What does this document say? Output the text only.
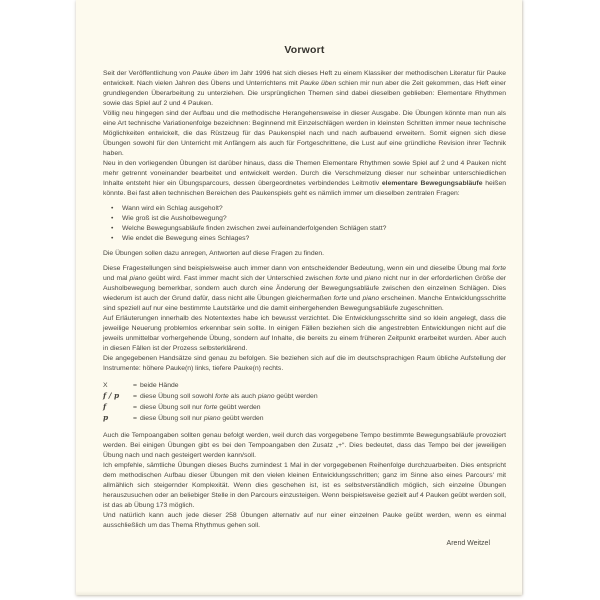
Vorwort

Seit der Veröffentlichung von Pauke üben im Jahr 1996 hat sich dieses Heft zu einem Klassiker der methodischen Literatur für Pauke entwickelt. Nach vielen Jahren des Übens und Unterrichtens mit Pauke üben schien mir nun aber die Zeit gekommen, das Heft einer grundlegenden Überarbeitung zu unterziehen. Die ursprünglichen Themen sind dabei dieselben geblieben: Elementare Rhythmen sowie das Spiel auf 2 und 4 Pauken.

Völlig neu hingegen sind der Aufbau und die methodische Herangehensweise in dieser Ausgabe. Die Übungen könnte man nun als eine Art technische Variationenfolge bezeichnen: Beginnend mit Einzelschlägen werden in kleinsten Schritten immer neue technische Möglichkeiten entwickelt, die das Rüstzeug für das Paukenspiel nach und nach aufbauend erweitern. Somit eignen sich diese Übungen sowohl für den Unterricht mit Anfängern als auch für Fortgeschrittene, die Lust auf eine gründliche Revision ihrer Technik haben.

Neu in den vorliegenden Übungen ist darüber hinaus, dass die Themen Elementare Rhythmen sowie Spiel auf 2 und 4 Pauken nicht mehr getrennt voneinander bearbeitet und entwickelt werden. Durch die Verschmelzung dieser nur scheinbar unterschiedlichen Inhalte entsteht hier ein Übungsparcours, dessen übergeordnetes verbindendes Leitmotiv elementare Bewegungsabläufe heißen könnte. Bei fast allen technischen Bereichen des Paukenspiels geht es nämlich immer um dieselben zentralen Fragen:

• Wann wird ein Schlag ausgeholt?
• Wie groß ist die Ausholbewegung?
• Welche Bewegungsabläufe finden zwischen zwei aufeinanderfolgenden Schlägen statt?
• Wie endet die Bewegung eines Schlages?

Die Übungen sollen dazu anregen, Antworten auf diese Fragen zu finden.

Diese Fragestellungen sind beispielsweise auch immer dann von entscheidender Bedeutung, wenn ein und dieselbe Übung mal forte und mal piano geübt wird. Fast immer macht sich der Unterschied zwischen forte und piano nicht nur in der erforderlichen Größe der Ausholbewegung bemerkbar, sondern auch durch eine Änderung der Bewegungsabläufe zwischen den einzelnen Schlägen. Dies wiederum ist auch der Grund dafür, dass nicht alle Übungen gleichermaßen forte und piano erscheinen. Manche Entwicklungsschritte sind speziell auf nur eine bestimmte Lautstärke und die damit einhergehenden Bewegungsabläufe zugeschnitten.

Auf Erläuterungen innerhalb des Notentextes habe ich bewusst verzichtet. Die Entwicklungsschritte sind so klein angelegt, dass die jeweilige Neuerung problemlos erkennbar sein sollte. In einigen Fällen beziehen sich die angestrebten Entwicklungen nicht auf die jeweils unmittelbar vorhergehende Übung, sondern auf Inhalte, die bereits zu einem früheren Zeitpunkt erarbeitet wurden. Aber auch in diesen Fällen ist der Prozess selbsterklärend.

Die angegebenen Handsätze sind genau zu befolgen. Sie beziehen sich auf die im deutschsprachigen Raum übliche Aufstellung der Instrumente: höhere Pauke(n) links, tiefere Pauke(n) rechts.

X	= beide Hände
f / p	= diese Übung soll sowohl forte als auch piano geübt werden
f	= diese Übung soll nur forte geübt werden
p	= diese Übung soll nur piano geübt werden

Auch die Tempoangaben sollten genau befolgt werden, weil durch das vorgegebene Tempo bestimmte Bewegungsabläufe provoziert werden. Bei einigen Übungen gibt es bei den Tempoangaben den Zusatz „+“. Dies bedeutet, dass das Tempo bei der jeweiligen Übung nach und nach gesteigert werden kann/soll.

Ich empfehle, sämtliche Übungen dieses Buchs zumindest 1 Mal in der vorgegebenen Reihenfolge durchzuarbeiten. Dies entspricht dem methodischen Aufbau dieser Übungen mit den vielen kleinen Entwicklungsschritten; ganz im Sinne also eines Parcours' mit allmählich sich steigernder Komplexität. Wenn dies geschehen ist, ist es selbstverständlich möglich, sich einzelne Übungen herauszusuchen oder an beliebiger Stelle in den Parcours einzusteigen. Wenn beispielsweise gezielt auf 4 Pauken geübt werden soll, ist das ab Übung 173 möglich.

Und natürlich kann auch jede dieser 258 Übungen alternativ auf nur einer einzelnen Pauke geübt werden, wenn es einmal ausschließlich um das Thema Rhythmus gehen soll.

Arend Weitzel
